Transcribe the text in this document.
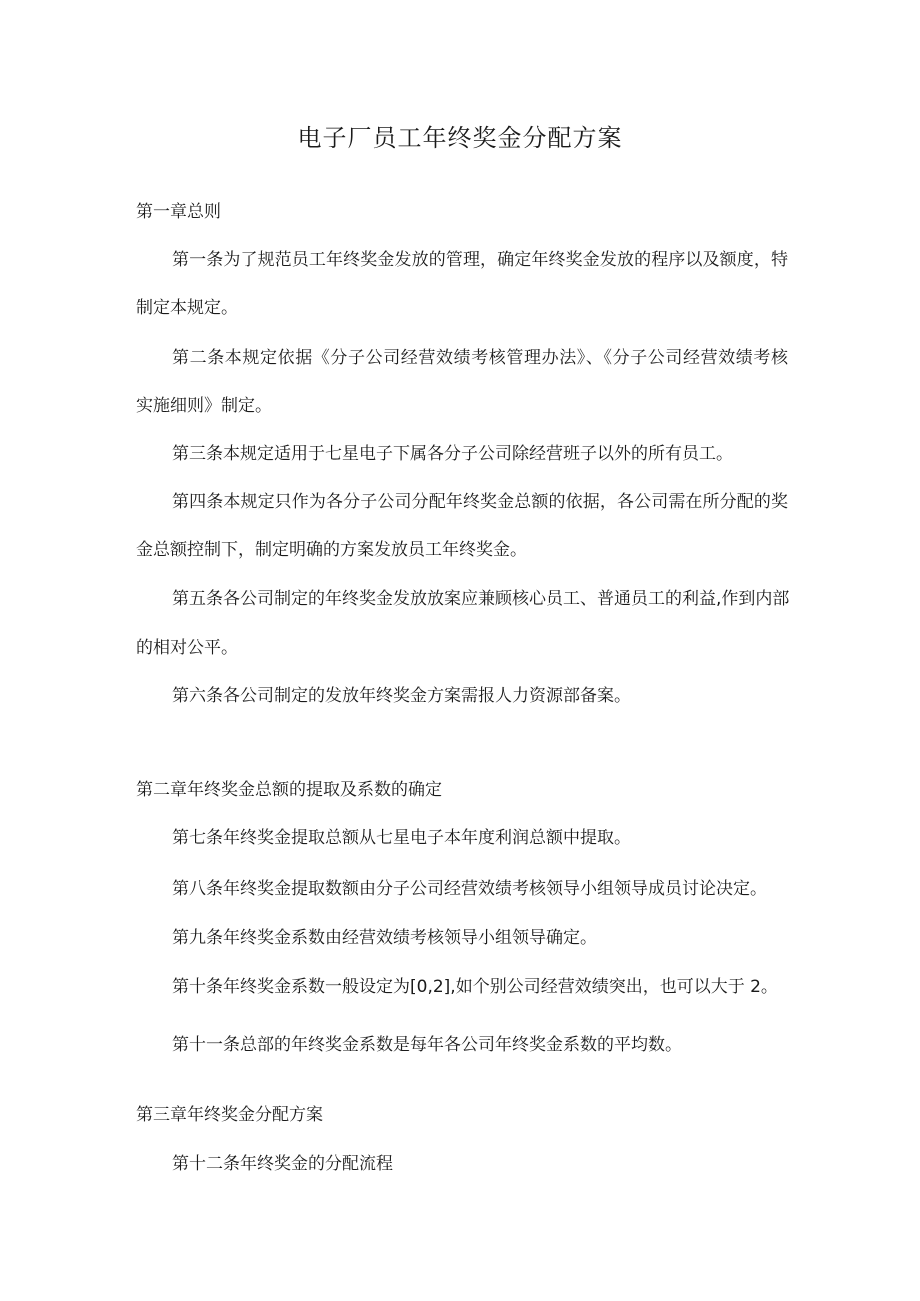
电子厂员工年终奖金分配方案
第一章总则
第一条为了规范员工年终奖金发放的管理，确定年终奖金发放的程序以及额度，特
制定本规定。
第二条本规定依据《分子公司经营效绩考核管理办法》、《分子公司经营效绩考核
实施细则》制定。
第三条本规定适用于七星电子下属各分子公司除经营班子以外的所有员工。
第四条本规定只作为各分子公司分配年终奖金总额的依据，各公司需在所分配的奖
金总额控制下，制定明确的方案发放员工年终奖金。
第五条各公司制定的年终奖金发放放案应兼顾核心员工、普通员工的利益,作到内部
的相对公平。
第六条各公司制定的发放年终奖金方案需报人力资源部备案。
第二章年终奖金总额的提取及系数的确定
第七条年终奖金提取总额从七星电子本年度利润总额中提取。
第八条年终奖金提取数额由分子公司经营效绩考核领导小组领导成员讨论决定。
第九条年终奖金系数由经营效绩考核领导小组领导确定。
第十条年终奖金系数一般设定为[0,2],如个别公司经营效绩突出，也可以大于 2。
第十一条总部的年终奖金系数是每年各公司年终奖金系数的平均数。
第三章年终奖金分配方案
第十二条年终奖金的分配流程
